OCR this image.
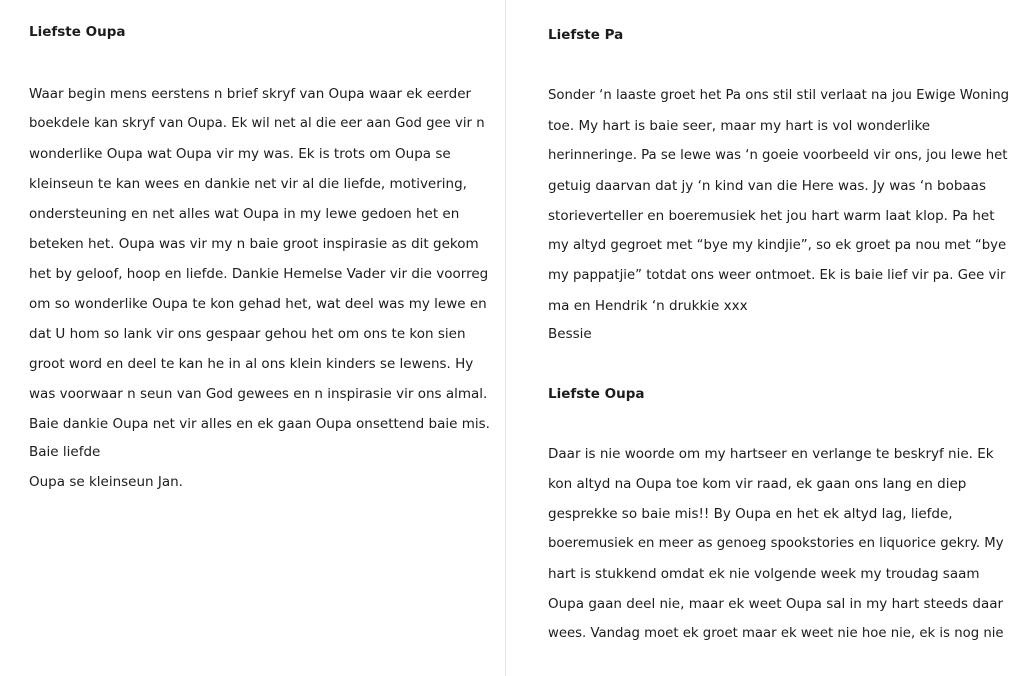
Liefste Oupa
Waar begin mens eerstens n brief skryf van Oupa waar ek eerder
boekdele kan skryf van Oupa. Ek wil net al die eer aan God gee vir n
wonderlike Oupa wat Oupa vir my was. Ek is trots om Oupa se
kleinseun te kan wees en dankie net vir al die liefde, motivering,
ondersteuning en net alles wat Oupa in my lewe gedoen het en
beteken het. Oupa was vir my n baie groot inspirasie as dit gekom
het by geloof, hoop en liefde. Dankie Hemelse Vader vir die voorreg
om so wonderlike Oupa te kon gehad het, wat deel was my lewe en
dat U hom so lank vir ons gespaar gehou het om ons te kon sien
groot word en deel te kan he in al ons klein kinders se lewens. Hy
was voorwaar n seun van God gewees en n inspirasie vir ons almal.
Baie dankie Oupa net vir alles en ek gaan Oupa onsettend baie mis.
Baie liefde
Oupa se kleinseun Jan.
Liefste Pa
Sonder ‘n laaste groet het Pa ons stil stil verlaat na jou Ewige Woning
toe. My hart is baie seer, maar my hart is vol wonderlike
herinneringe. Pa se lewe was ‘n goeie voorbeeld vir ons, jou lewe het
getuig daarvan dat jy ‘n kind van die Here was. Jy was ‘n bobaas
storieverteller en boeremusiek het jou hart warm laat klop. Pa het
my altyd gegroet met “bye my kindjie”, so ek groet pa nou met “bye
my pappatjie” totdat ons weer ontmoet. Ek is baie lief vir pa. Gee vir
ma en Hendrik ‘n drukkie xxx
Bessie
Liefste Oupa
Daar is nie woorde om my hartseer en verlange te beskryf nie. Ek
kon altyd na Oupa toe kom vir raad, ek gaan ons lang en diep
gesprekke so baie mis!! By Oupa en het ek altyd lag, liefde,
boeremusiek en meer as genoeg spookstories en liquorice gekry. My
hart is stukkend omdat ek nie volgende week my troudag saam
Oupa gaan deel nie, maar ek weet Oupa sal in my hart steeds daar
wees. Vandag moet ek groet maar ek weet nie hoe nie, ek is nog nie
